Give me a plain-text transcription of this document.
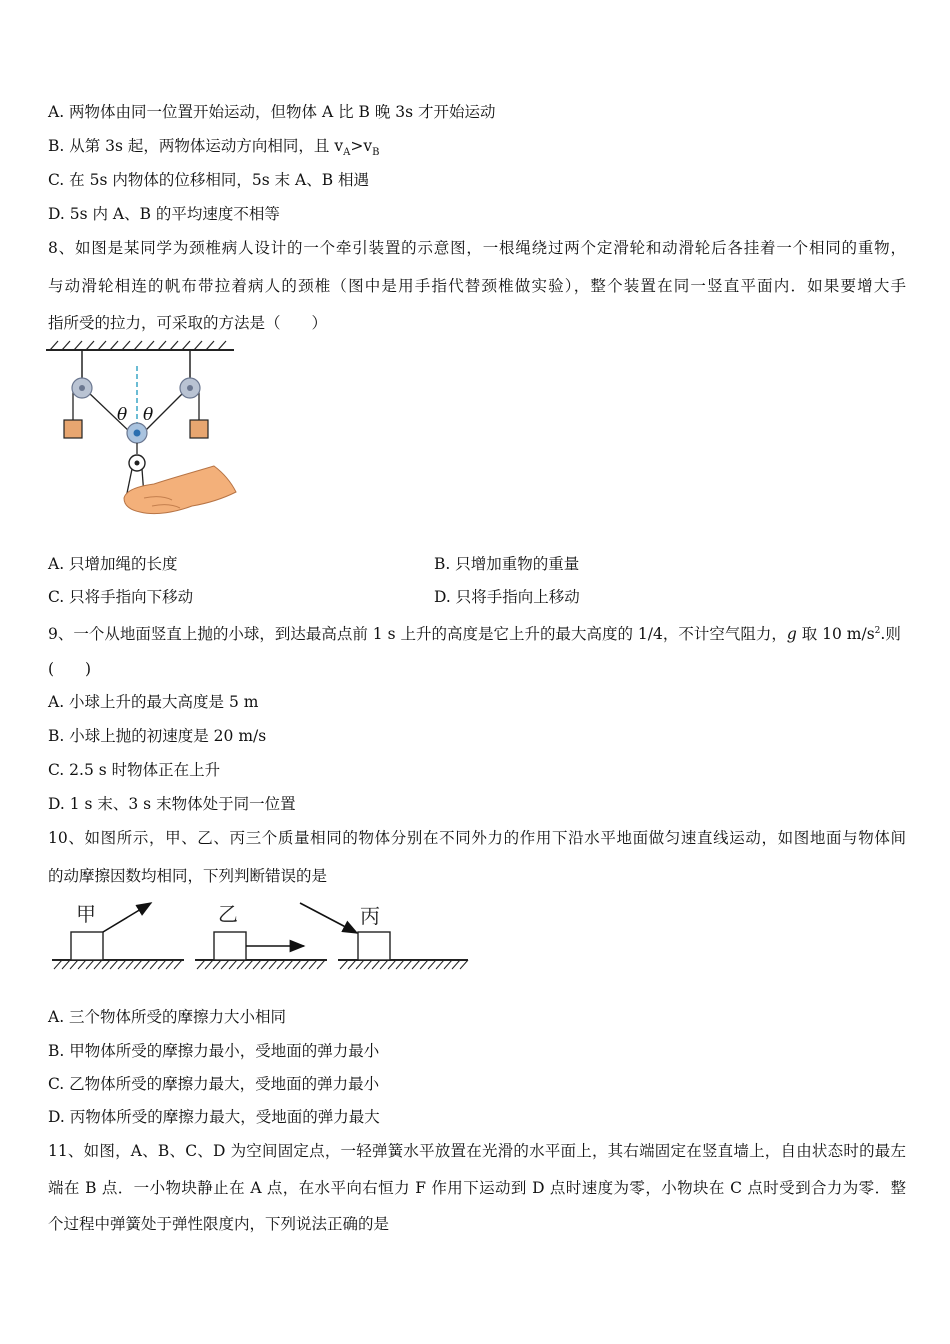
A. 两物体由同一位置开始运动，但物体 A 比 B 晚 3s 才开始运动
B. 从第 3s 起，两物体运动方向相同，且 $v_A>v_B$
C. 在 5s 内物体的位移相同，5s 末 A、B 相遇
D. 5s 内 A、B 的平均速度不相等
8、如图是某同学为颈椎病人设计的一个牵引装置的示意图，一根绳绕过两个定滑轮和动滑轮后各挂着一个相同的重物，
与动滑轮相连的帆布带拉着病人的颈椎（图中是用手指代替颈椎做实验），整个装置在同一竖直平面内．如果要增大手
指所受的拉力，可采取的方法是（　　）
θ θ
A. 只增加绳的长度	B. 只增加重物的重量
C. 只将手指向下移动	D. 只将手指向上移动
9、一个从地面竖直上抛的小球，到达最高点前 1 s 上升的高度是它上升的最大高度的 1/4，不计空气阻力，g 取 10 $m/s^2$.则
(　　)
A. 小球上升的最大高度是 5 m
B. 小球上抛的初速度是 20 m/s
C. 2.5 s 时物体正在上升
D. 1 s 末、3 s 末物体处于同一位置
10、如图所示，甲、乙、丙三个质量相同的物体分别在不同外力的作用下沿水平地面做匀速直线运动，如图地面与物体间
的动摩擦因数均相同，下列判断错误的是
甲	乙	丙
A. 三个物体所受的摩擦力大小相同
B. 甲物体所受的摩擦力最小，受地面的弹力最小
C. 乙物体所受的摩擦力最大，受地面的弹力最小
D. 丙物体所受的摩擦力最大，受地面的弹力最大
11、如图，A、B、C、D 为空间固定点，一轻弹簧水平放置在光滑的水平面上，其右端固定在竖直墙上，自由状态时的最左
端在 B 点．一小物块静止在 A 点，在水平向右恒力 F 作用下运动到 D 点时速度为零，小物块在 C 点时受到合力为零．整
个过程中弹簧处于弹性限度内，下列说法正确的是
